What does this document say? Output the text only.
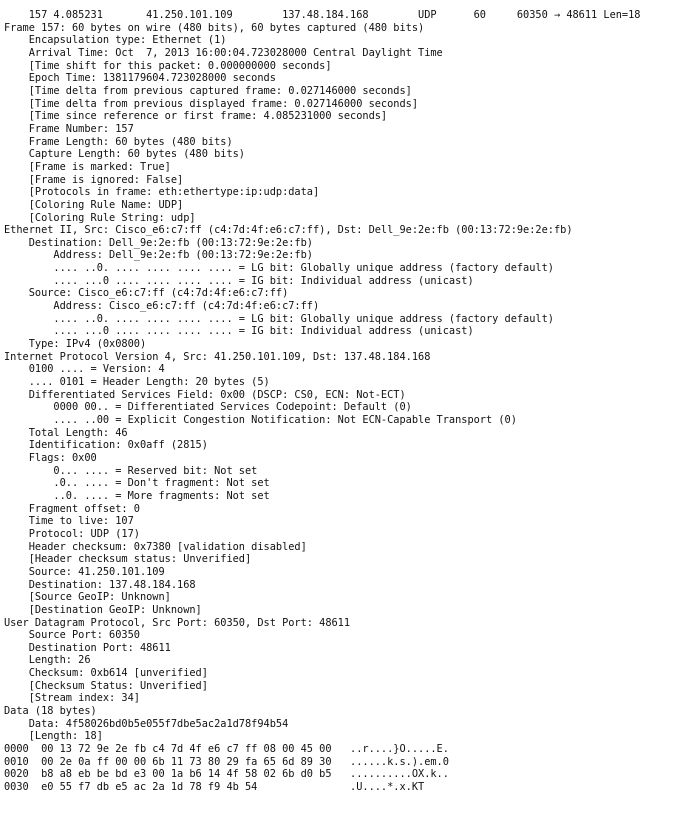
157 4.085231       41.250.101.109        137.48.184.168        UDP      60     60350 → 48611 Len=18
Frame 157: 60 bytes on wire (480 bits), 60 bytes captured (480 bits)
Encapsulation type: Ethernet (1)
Arrival Time: Oct  7, 2013 16:00:04.723028000 Central Daylight Time
[Time shift for this packet: 0.000000000 seconds]
Epoch Time: 1381179604.723028000 seconds
[Time delta from previous captured frame: 0.027146000 seconds]
[Time delta from previous displayed frame: 0.027146000 seconds]
[Time since reference or first frame: 4.085231000 seconds]
Frame Number: 157
Frame Length: 60 bytes (480 bits)
Capture Length: 60 bytes (480 bits)
[Frame is marked: True]
[Frame is ignored: False]
[Protocols in frame: eth:ethertype:ip:udp:data]
[Coloring Rule Name: UDP]
[Coloring Rule String: udp]
Ethernet II, Src: Cisco_e6:c7:ff (c4:7d:4f:e6:c7:ff), Dst: Dell_9e:2e:fb (00:13:72:9e:2e:fb)
Destination: Dell_9e:2e:fb (00:13:72:9e:2e:fb)
Address: Dell_9e:2e:fb (00:13:72:9e:2e:fb)
.... ..0. .... .... .... .... = LG bit: Globally unique address (factory default)
.... ...0 .... .... .... .... = IG bit: Individual address (unicast)
Source: Cisco_e6:c7:ff (c4:7d:4f:e6:c7:ff)
Address: Cisco_e6:c7:ff (c4:7d:4f:e6:c7:ff)
.... ..0. .... .... .... .... = LG bit: Globally unique address (factory default)
.... ...0 .... .... .... .... = IG bit: Individual address (unicast)
Type: IPv4 (0x0800)
Internet Protocol Version 4, Src: 41.250.101.109, Dst: 137.48.184.168
0100 .... = Version: 4
.... 0101 = Header Length: 20 bytes (5)
Differentiated Services Field: 0x00 (DSCP: CS0, ECN: Not-ECT)
0000 00.. = Differentiated Services Codepoint: Default (0)
.... ..00 = Explicit Congestion Notification: Not ECN-Capable Transport (0)
Total Length: 46
Identification: 0x0aff (2815)
Flags: 0x00
0... .... = Reserved bit: Not set
.0.. .... = Don't fragment: Not set
..0. .... = More fragments: Not set
Fragment offset: 0
Time to live: 107
Protocol: UDP (17)
Header checksum: 0x7380 [validation disabled]
[Header checksum status: Unverified]
Source: 41.250.101.109
Destination: 137.48.184.168
[Source GeoIP: Unknown]
[Destination GeoIP: Unknown]
User Datagram Protocol, Src Port: 60350, Dst Port: 48611
Source Port: 60350
Destination Port: 48611
Length: 26
Checksum: 0xb614 [unverified]
[Checksum Status: Unverified]
[Stream index: 34]
Data (18 bytes)
Data: 4f58026bd0b5e055f7dbe5ac2a1d78f94b54
[Length: 18]
0000  00 13 72 9e 2e fb c4 7d 4f e6 c7 ff 08 00 45 00   ..r....}O.....E.
0010  00 2e 0a ff 00 00 6b 11 73 80 29 fa 65 6d 89 30   ......k.s.).em.0
0020  b8 a8 eb be bd e3 00 1a b6 14 4f 58 02 6b d0 b5   ..........OX.k..
0030  e0 55 f7 db e5 ac 2a 1d 78 f9 4b 54               .U....*.x.KT
